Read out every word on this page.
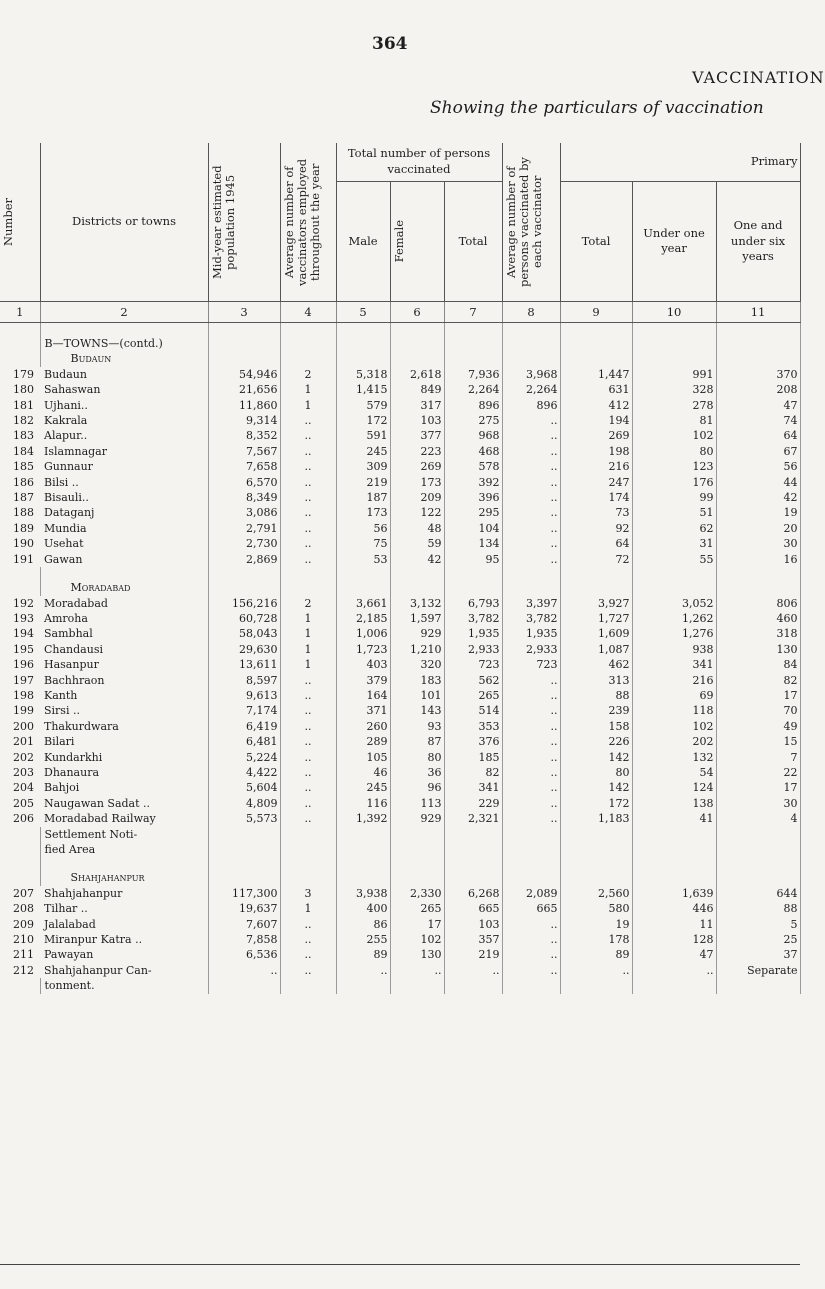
364
VACCINATION
Showing the particulars of vaccination
Number	Districts or towns	Mid-year estimated population 1945	Average number of vaccinators employed throughout the year	Total number of persons vaccinated			Average number of persons vaccinated by each vaccinator	Primary		
				Male	Female	Total		Total	Under one year	One and under six years
1	2	3	4	5	6	7	8	9	10	11

	B—TOWNS—(contd.)									
	Budaun									
179	Budaun	54,946	2	5,318	2,618	7,936	3,968	1,447	991	370
180	Sahaswan	21,656	1	1,415	849	2,264	2,264	631	328	208
181	Ujhani..	11,860	1	579	317	896	896	412	278	47
182	Kakrala	9,314	..	172	103	275	..	194	81	74
183	Alapur..	8,352	..	591	377	968	..	269	102	64
184	Islamnagar	7,567	..	245	223	468	..	198	80	67
185	Gunnaur	7,658	..	309	269	578	..	216	123	56
186	Bilsi ..	6,570	..	219	173	392	..	247	176	44
187	Bisauli..	8,349	..	187	209	396	..	174	99	42
188	Dataganj	3,086	..	173	122	295	..	73	51	19
189	Mundia	2,791	..	56	48	104	..	92	62	20
190	Usehat	2,730	..	75	59	134	..	64	31	30
191	Gawan	2,869	..	53	42	95	..	72	55	16

	Moradabad									
192	Moradabad	156,216	2	3,661	3,132	6,793	3,397	3,927	3,052	806
193	Amroha	60,728	1	2,185	1,597	3,782	3,782	1,727	1,262	460
194	Sambhal	58,043	1	1,006	929	1,935	1,935	1,609	1,276	318
195	Chandausi	29,630	1	1,723	1,210	2,933	2,933	1,087	938	130
196	Hasanpur	13,611	1	403	320	723	723	462	341	84
197	Bachhraon	8,597	..	379	183	562	..	313	216	82
198	Kanth	9,613	..	164	101	265	..	88	69	17
199	Sirsi ..	7,174	..	371	143	514	..	239	118	70
200	Thakurdwara	6,419	..	260	93	353	..	158	102	49
201	Bilari	6,481	..	289	87	376	..	226	202	15
202	Kundarkhi	5,224	..	105	80	185	..	142	132	7
203	Dhanaura	4,422	..	46	36	82	..	80	54	22
204	Bahjoi	5,604	..	245	96	341	..	142	124	17
205	Naugawan Sadat ..	4,809	..	116	113	229	..	172	138	30
206	Moradabad Railway	5,573	..	1,392	929	2,321	..	1,183	41	4
	Settlement Noti-									
	fied Area									

	Shahjahanpur									
207	Shahjahanpur	117,300	3	3,938	2,330	6,268	2,089	2,560	1,639	644
208	Tilhar ..	19,637	1	400	265	665	665	580	446	88
209	Jalalabad	7,607	..	86	17	103	..	19	11	5
210	Miranpur Katra ..	7,858	..	255	102	357	..	178	128	25
211	Pawayan	6,536	..	89	130	219	..	89	47	37
212	Shahjahanpur Can-	..	..	..	..	..	..	..	..	Separate
	tonment.									
